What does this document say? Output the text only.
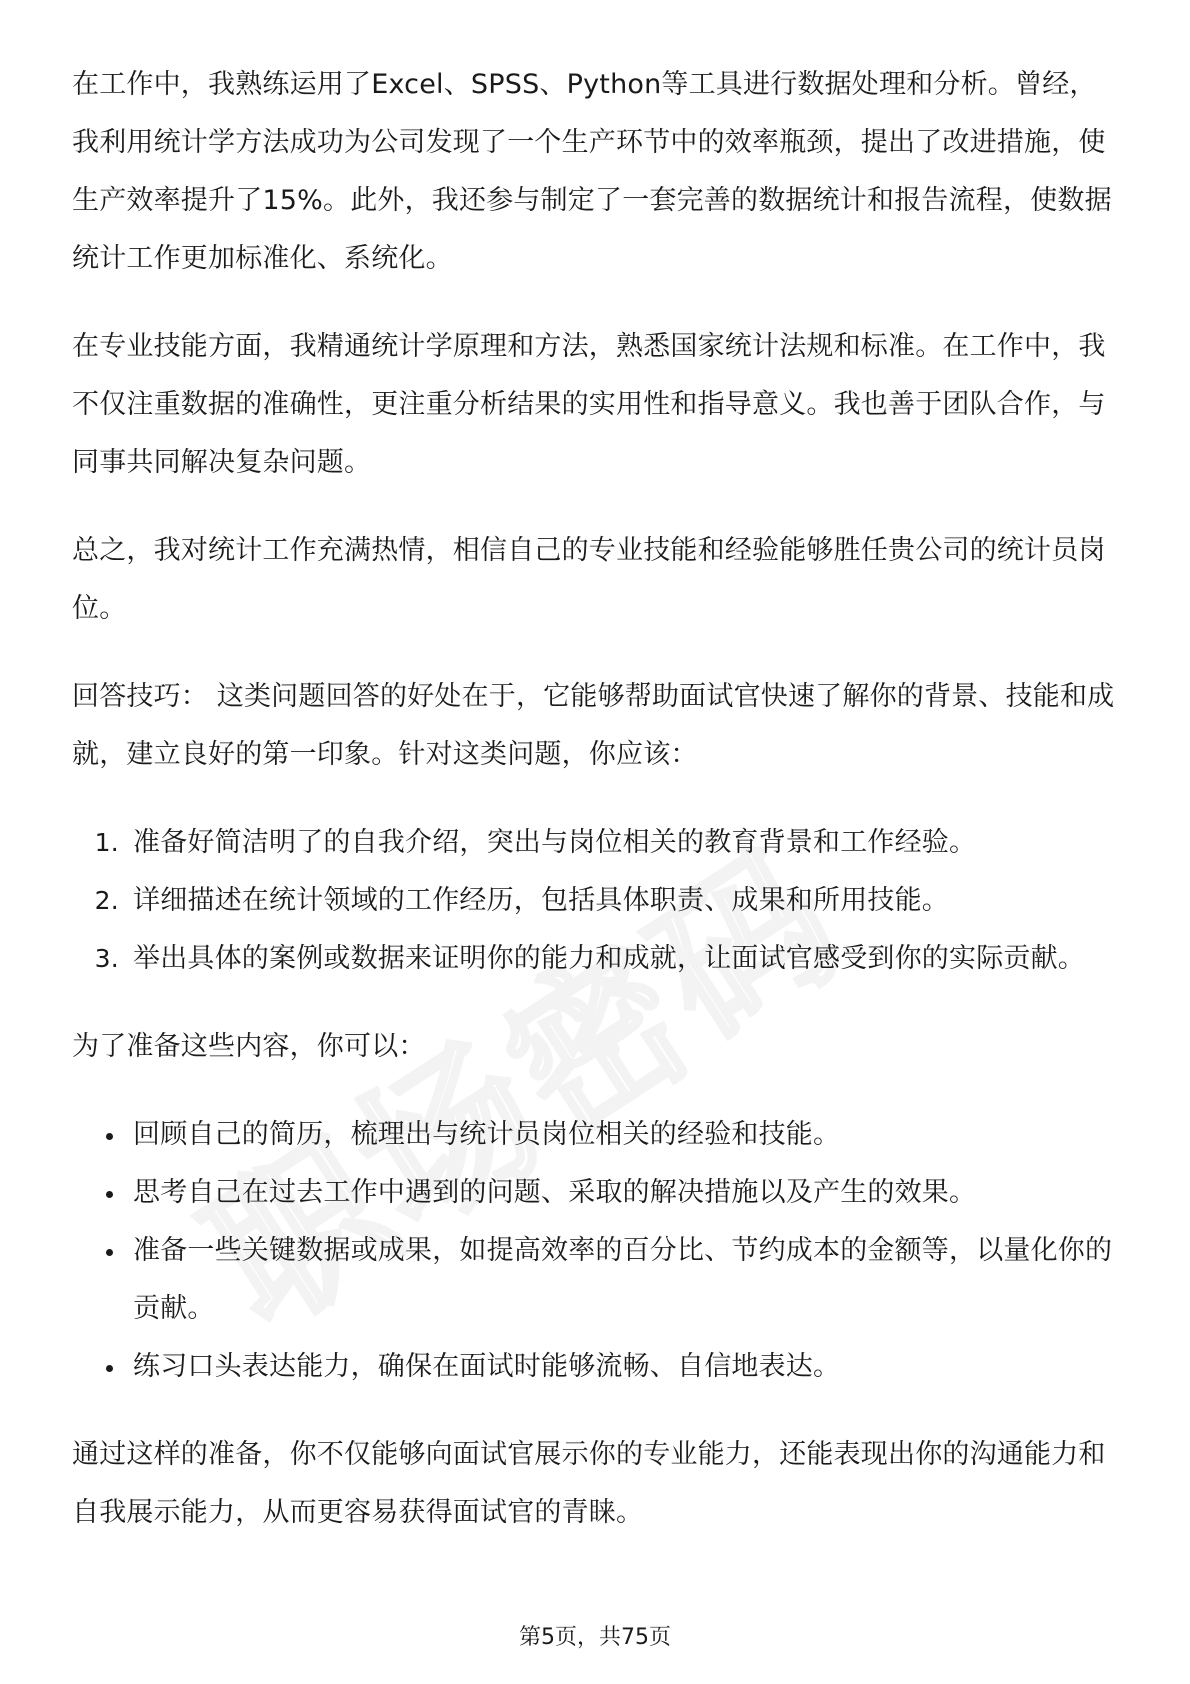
在工作中，我熟练运用了Excel、SPSS、Python等工具进行数据处理和分析。曾经，我利用统计学方法成功为公司发现了一个生产环节中的效率瓶颈，提出了改进措施，使生产效率提升了15%。此外，我还参与制定了一套完善的数据统计和报告流程，使数据统计工作更加标准化、系统化。

在专业技能方面，我精通统计学原理和方法，熟悉国家统计法规和标准。在工作中，我不仅注重数据的准确性，更注重分析结果的实用性和指导意义。我也善于团队合作，与同事共同解决复杂问题。

总之，我对统计工作充满热情，相信自己的专业技能和经验能够胜任贵公司的统计员岗位。

回答技巧： 这类问题回答的好处在于，它能够帮助面试官快速了解你的背景、技能和成就，建立良好的第一印象。针对这类问题，你应该：

1. 准备好简洁明了的自我介绍，突出与岗位相关的教育背景和工作经验。
2. 详细描述在统计领域的工作经历，包括具体职责、成果和所用技能。
3. 举出具体的案例或数据来证明你的能力和成就，让面试官感受到你的实际贡献。

为了准备这些内容，你可以：

• 回顾自己的简历，梳理出与统计员岗位相关的经验和技能。
• 思考自己在过去工作中遇到的问题、采取的解决措施以及产生的效果。
• 准备一些关键数据或成果，如提高效率的百分比、节约成本的金额等，以量化你的贡献。
• 练习口头表达能力，确保在面试时能够流畅、自信地表达。

通过这样的准备，你不仅能够向面试官展示你的专业能力，还能表现出你的沟通能力和自我展示能力，从而更容易获得面试官的青睐。

第5页，共75页
